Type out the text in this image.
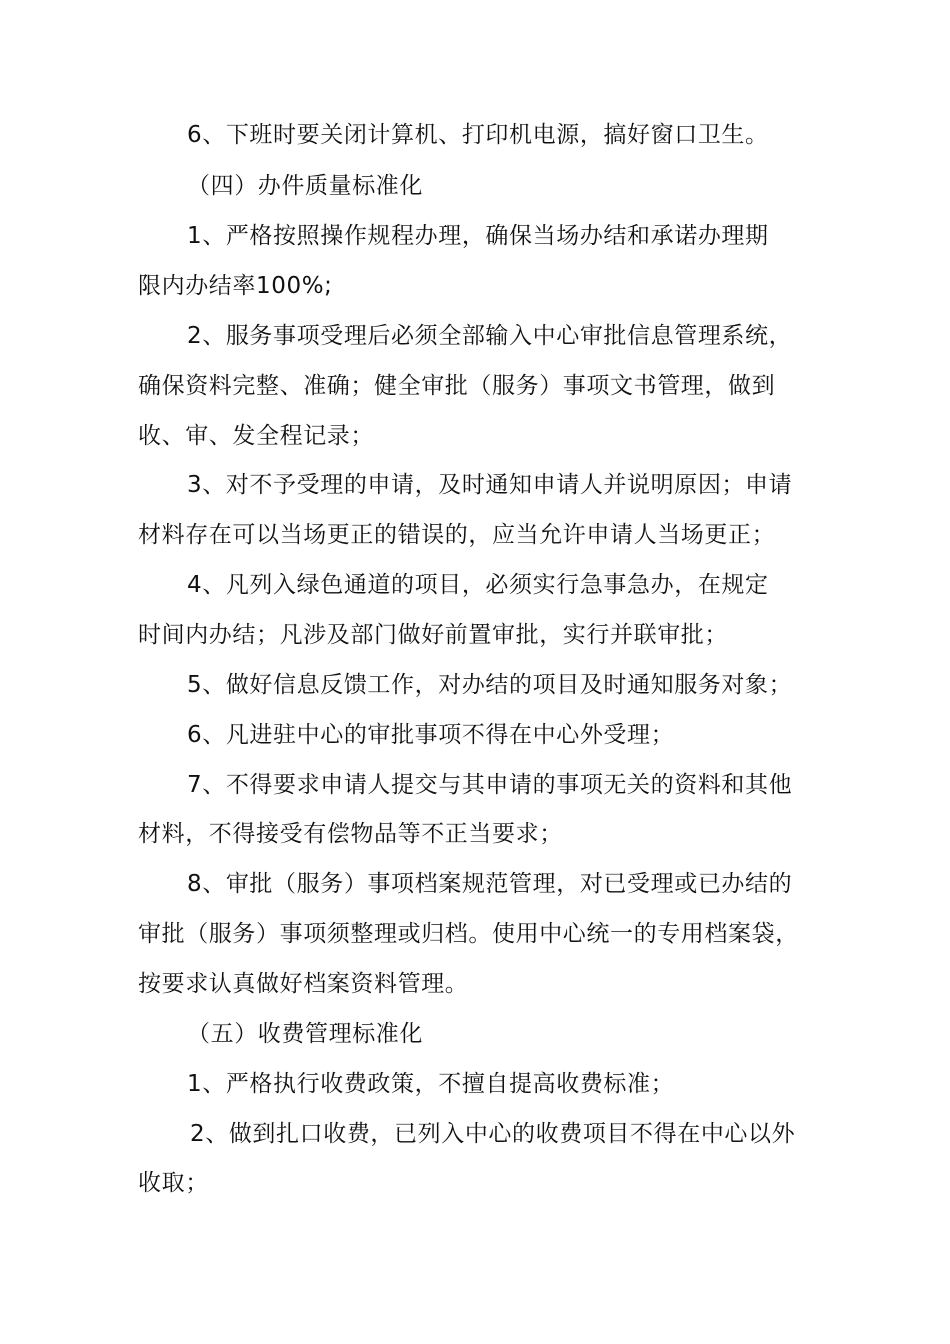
6、下班时要关闭计算机、打印机电源，搞好窗口卫生。
（四）办件质量标准化
1、严格按照操作规程办理，确保当场办结和承诺办理期
限内办结率100%;
2、服务事项受理后必须全部输入中心审批信息管理系统，
确保资料完整、准确；健全审批（服务）事项文书管理，做到
收、审、发全程记录；
3、对不予受理的申请，及时通知申请人并说明原因；申请
材料存在可以当场更正的错误的，应当允许申请人当场更正；
4、凡列入绿色通道的项目，必须实行急事急办，在规定
时间内办结；凡涉及部门做好前置审批，实行并联审批；
5、做好信息反馈工作，对办结的项目及时通知服务对象；
6、凡进驻中心的审批事项不得在中心外受理；
7、不得要求申请人提交与其申请的事项无关的资料和其他
材料，不得接受有偿物品等不正当要求；
8、审批（服务）事项档案规范管理，对已受理或已办结的
审批（服务）事项须整理或归档。使用中心统一的专用档案袋，
按要求认真做好档案资料管理。
（五）收费管理标准化
1、严格执行收费政策，不擅自提高收费标准；
2、做到扎口收费，已列入中心的收费项目不得在中心以外
收取；
